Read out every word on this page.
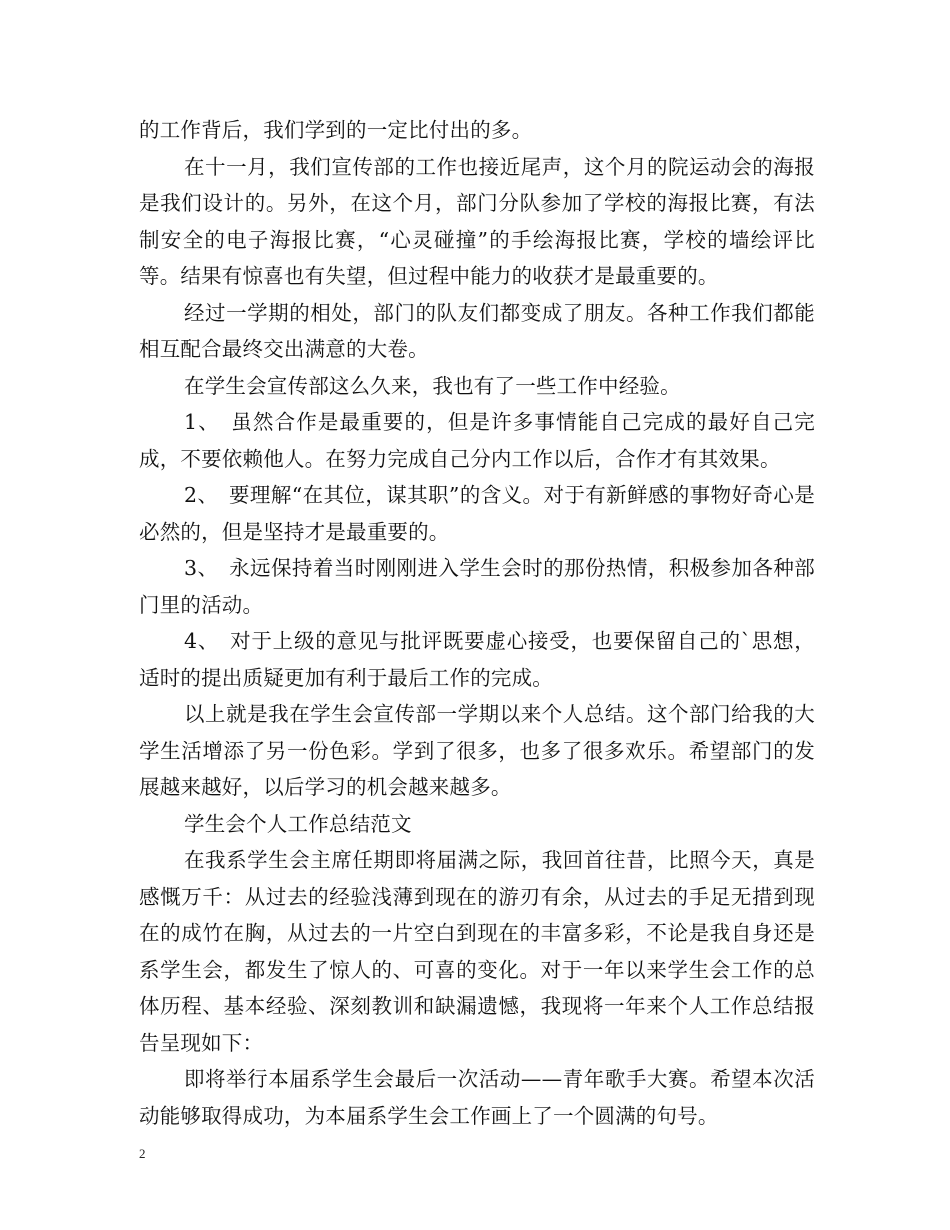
的工作背后，我们学到的一定比付出的多。

在十一月，我们宣传部的工作也接近尾声，这个月的院运动会的海报是我们设计的。另外，在这个月，部门分队参加了学校的海报比赛，有法制安全的电子海报比赛，“心灵碰撞”的手绘海报比赛，学校的墙绘评比等。结果有惊喜也有失望，但过程中能力的收获才是最重要的。

经过一学期的相处，部门的队友们都变成了朋友。各种工作我们都能相互配合最终交出满意的大卷。

在学生会宣传部这么久来，我也有了一些工作中经验。

1、　虽然合作是最重要的，但是许多事情能自己完成的最好自己完成，不要依赖他人。在努力完成自己分内工作以后，合作才有其效果。

2、　要理解“在其位，谋其职”的含义。对于有新鲜感的事物好奇心是必然的，但是坚持才是最重要的。

3、　永远保持着当时刚刚进入学生会时的那份热情，积极参加各种部门里的活动。

4、　对于上级的意见与批评既要虚心接受，也要保留自己的`思想，适时的提出质疑更加有利于最后工作的完成。

以上就是我在学生会宣传部一学期以来个人总结。这个部门给我的大学生活增添了另一份色彩。学到了很多，也多了很多欢乐。希望部门的发展越来越好，以后学习的机会越来越多。

学生会个人工作总结范文

在我系学生会主席任期即将届满之际，我回首往昔，比照今天，真是感慨万千：从过去的经验浅薄到现在的游刃有余，从过去的手足无措到现在的成竹在胸，从过去的一片空白到现在的丰富多彩，不论是我自身还是系学生会，都发生了惊人的、可喜的变化。对于一年以来学生会工作的总体历程、基本经验、深刻教训和缺漏遗憾，我现将一年来个人工作总结报告呈现如下：

即将举行本届系学生会最后一次活动——青年歌手大赛。希望本次活动能够取得成功，为本届系学生会工作画上了一个圆满的句号。

2
